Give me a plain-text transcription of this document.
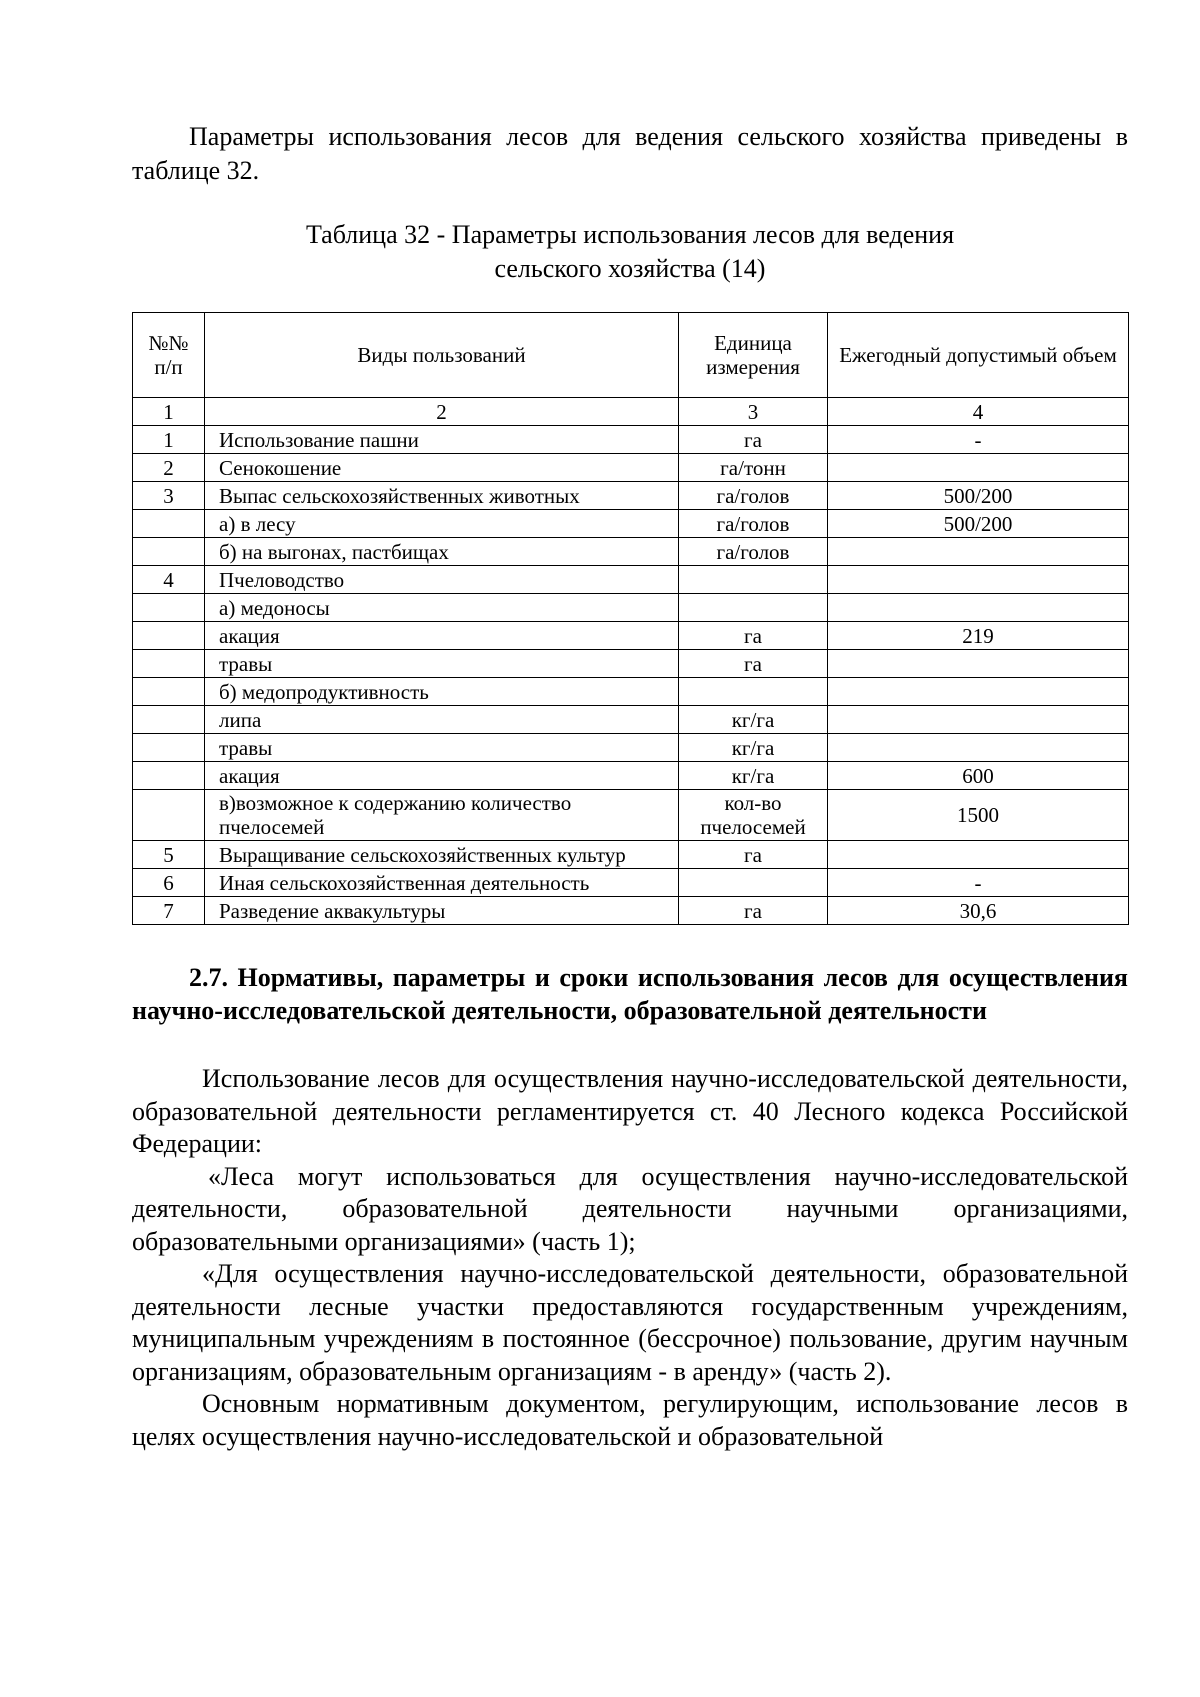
Параметры использования лесов для ведения сельского хозяйства приведены в таблице 32.

Таблица 32 - Параметры использования лесов для ведения
сельского хозяйства (14)
№№ п/п	Виды пользований	Единица измерения	Ежегодный допустимый объем
1	2	3	4
1	Использование пашни	га	-
2	Сенокошение	га/тонн	
3	Выпас сельскохозяйственных животных	га/голов	500/200
	а) в лесу	га/голов	500/200
	б) на выгонах, пастбищах	га/голов	
4	Пчеловодство		
	а) медоносы		
	акация	га	219
	травы	га	
	б) медопродуктивность		
	липа	кг/га	
	травы	кг/га	
	акация	кг/га	600
	в)возможное к содержанию количество пчелосемей	кол-во пчелосемей	1500
5	Выращивание сельскохозяйственных культур	га	
6	Иная сельскохозяйственная деятельность		-
7	Разведение аквакультуры	га	30,6

2.7. Нормативы, параметры и сроки использования лесов для осуществления научно-исследовательской деятельности, образовательной деятельности

Использование лесов для осуществления научно-исследовательской деятельности, образовательной деятельности регламентируется ст. 40 Лесного кодекса Российской Федерации:

«Леса могут использоваться для осуществления научно-исследовательской деятельности, образовательной деятельности научными организациями, образовательными организациями» (часть 1);

«Для осуществления научно-исследовательской деятельности, образовательной деятельности лесные участки предоставляются государственным учреждениям, муниципальным учреждениям в постоянное (бессрочное) пользование, другим научным организациям, образовательным организациям - в аренду» (часть 2).

Основным нормативным документом, регулирующим, использование лесов в целях осуществления научно-исследовательской и образовательной
